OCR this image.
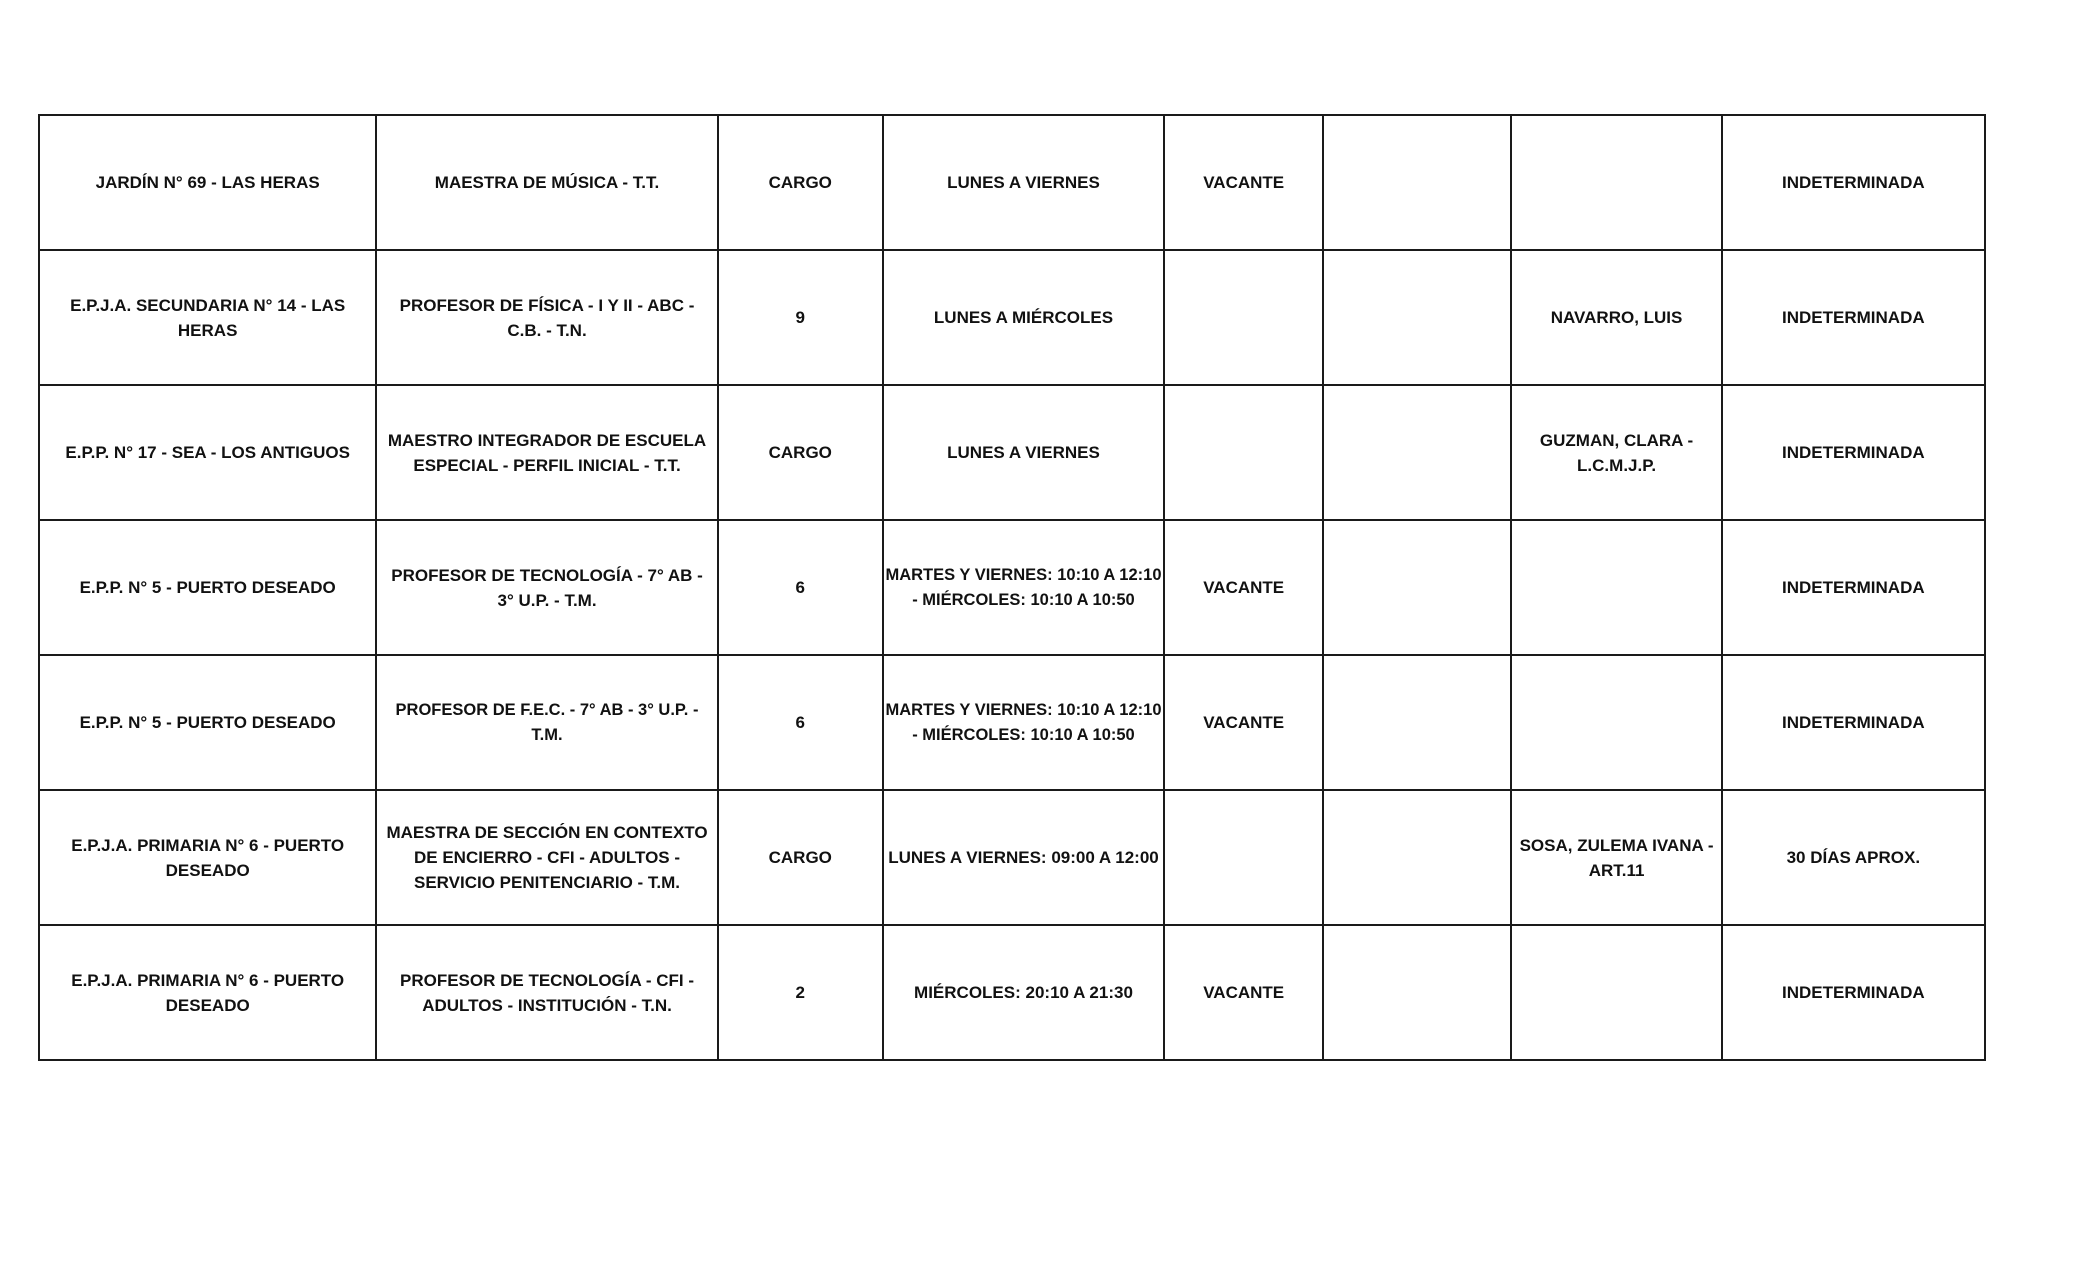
JARDÍN N° 69 - LAS HERAS	MAESTRA DE MÚSICA - T.T.	CARGO	LUNES A VIERNES	VACANTE			INDETERMINADA
E.P.J.A. SECUNDARIA N° 14 - LAS HERAS	PROFESOR DE FÍSICA - I Y II - ABC - C.B. - T.N.	9	LUNES A MIÉRCOLES			NAVARRO, LUIS	INDETERMINADA
E.P.P. N° 17 - SEA - LOS ANTIGUOS	MAESTRO INTEGRADOR DE ESCUELA ESPECIAL - PERFIL INICIAL - T.T.	CARGO	LUNES A VIERNES			GUZMAN, CLARA - L.C.M.J.P.	INDETERMINADA
E.P.P. N° 5 - PUERTO DESEADO	PROFESOR DE TECNOLOGÍA - 7° AB - 3° U.P. - T.M.	6	MARTES Y VIERNES: 10:10 A 12:10 - MIÉRCOLES: 10:10 A 10:50	VACANTE			INDETERMINADA
E.P.P. N° 5 - PUERTO DESEADO	PROFESOR DE F.E.C. - 7° AB - 3° U.P. - T.M.	6	MARTES Y VIERNES: 10:10 A 12:10 - MIÉRCOLES: 10:10 A 10:50	VACANTE			INDETERMINADA
E.P.J.A. PRIMARIA N° 6 - PUERTO DESEADO	MAESTRA DE SECCIÓN EN CONTEXTO DE ENCIERRO - CFI - ADULTOS - SERVICIO PENITENCIARIO - T.M.	CARGO	LUNES A VIERNES: 09:00 A 12:00			SOSA, ZULEMA IVANA - ART.11	30 DÍAS APROX.
E.P.J.A. PRIMARIA N° 6 - PUERTO DESEADO	PROFESOR DE TECNOLOGÍA - CFI - ADULTOS - INSTITUCIÓN - T.N.	2	MIÉRCOLES: 20:10 A 21:30	VACANTE			INDETERMINADA
